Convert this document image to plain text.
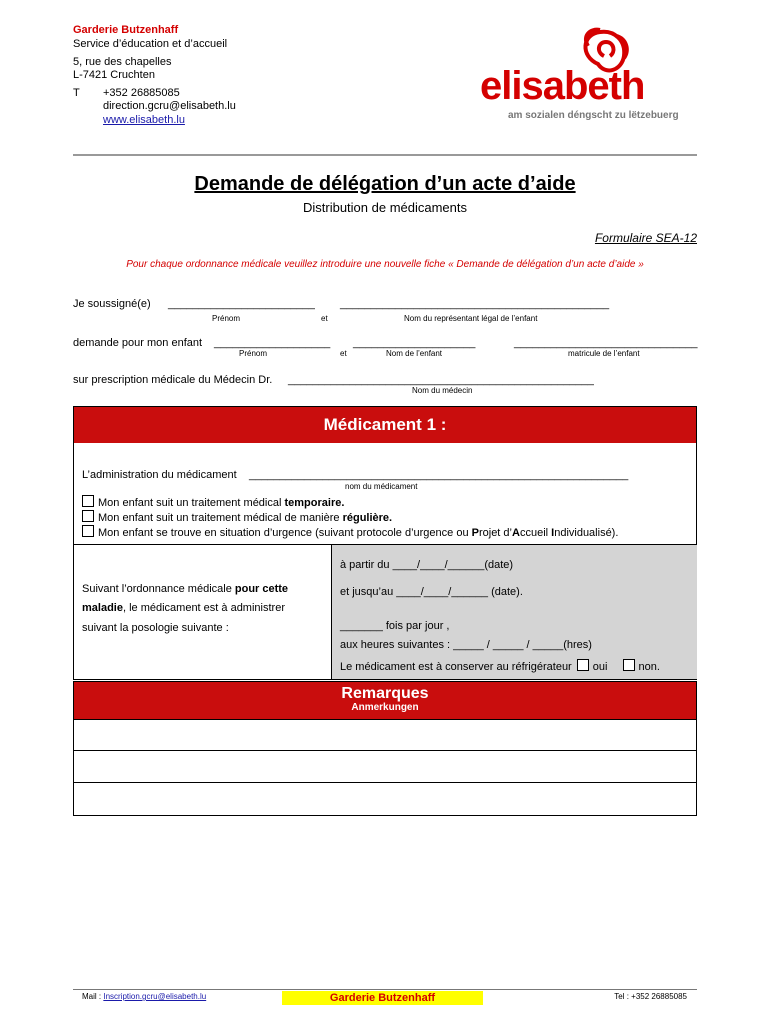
Garderie Butzenhaff
Service d’éducation et d’accueil
5, rue des chapelles
L-7421 Cruchten
T +352 26885085
direction.gcru@elisabeth.lu
www.elisabeth.lu
elisabeth
am sozialen déngscht zu lëtzebuerg
Demande de délégation d’un acte d’aide
Distribution de médicaments
Formulaire SEA-12
Pour chaque ordonnance médicale veuillez introduire une nouvelle fiche « Demande de délégation d’un acte d’aide »
Je soussigné(e) ________________________ ____________________________________________
Prénom	et	Nom du représentant légal de l’enfant
demande pour mon enfant ___________________ ____________________	______________________________
Prénom	et	Nom de l’enfant	matricule de l’enfant
sur prescription médicale du Médecin Dr. __________________________________________________
Nom du médecin
Médicament 1 :
L’administration du médicament ______________________________________________________________
nom du médicament
Mon enfant suit un traitement médical temporaire.
Mon enfant suit un traitement médical de manière régulière.
Mon enfant se trouve en situation d’urgence (suivant protocole d’urgence ou Projet d’Accueil Individualisé).
Suivant l’ordonnance médicale pour cette
maladie, le médicament est à administrer
suivant la posologie suivante :
à partir du ____/____/______(date)
et jusqu’au ____/____/______ (date).
_______ fois par jour ,
aux heures suivantes : _____ / _____ / _____(hres)
Le médicament est à conserver au réfrigérateur oui	non.
Remarques
Anmerkungen
Mail : Inscription.gcru@elisabeth.lu	Garderie Butzenhaff	Tel : +352 26885085
